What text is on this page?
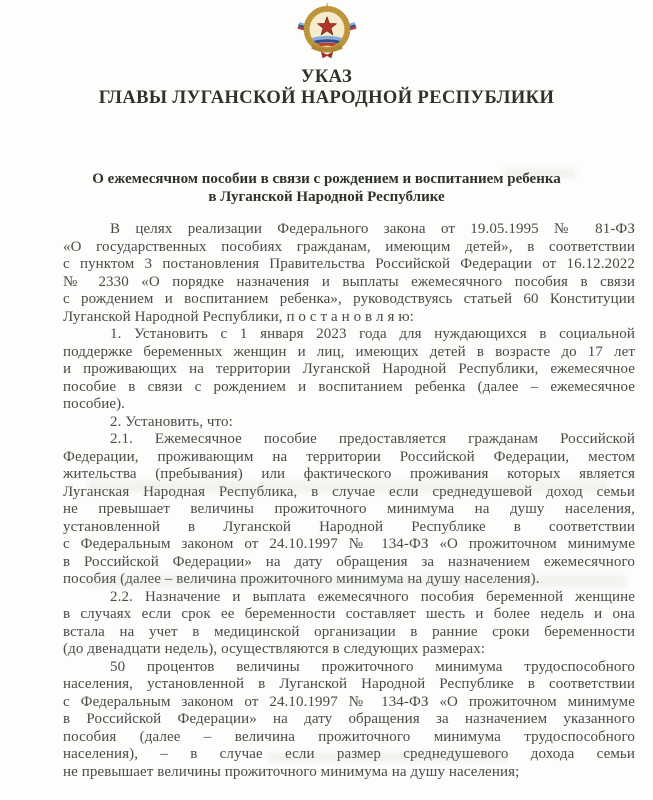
УКАЗ
ГЛАВЫ ЛУГАНСКОЙ НАРОДНОЙ РЕСПУБЛИКИ
О ежемесячном пособии в связи с рождением и воспитанием ребенка
в Луганской Народной Республике
В целях реализации Федерального закона от 19.05.1995 № 81-ФЗ
«О государственных пособиях гражданам, имеющим детей», в соответствии
с пунктом 3 постановления Правительства Российской Федерации от 16.12.2022
№ 2330 «О порядке назначения и выплаты ежемесячного пособия в связи
с рождением и воспитанием ребенка», руководствуясь статьей 60 Конституции
Луганской Народной Республики, п о с т а н о в л я ю:
1. Установить с 1 января 2023 года для нуждающихся в социальной
поддержке беременных женщин и лиц, имеющих детей в возрасте до 17 лет
и проживающих на территории Луганской Народной Республики, ежемесячное
пособие в связи с рождением и воспитанием ребенка (далее – ежемесячное
пособие).
2. Установить, что:
2.1. Ежемесячное пособие предоставляется гражданам Российской
Федерации, проживающим на территории Российской Федерации, местом
жительства (пребывания) или фактического проживания которых является
Луганская Народная Республика, в случае если среднедушевой доход семьи
не превышает величины прожиточного минимума на душу населения,
установленной в Луганской Народной Республике в соответствии
с Федеральным законом от 24.10.1997 № 134-ФЗ «О прожиточном минимуме
в Российской Федерации» на дату обращения за назначением ежемесячного
пособия (далее – величина прожиточного минимума на душу населения).
2.2. Назначение и выплата ежемесячного пособия беременной женщине
в случаях если срок ее беременности составляет шесть и более недель и она
встала на учет в медицинской организации в ранние сроки беременности
(до двенадцати недель), осуществляются в следующих размерах:
50 процентов величины прожиточного минимума трудоспособного
населения, установленной в Луганской Народной Республике в соответствии
с Федеральным законом от 24.10.1997 № 134-ФЗ «О прожиточном минимуме
в Российской Федерации» на дату обращения за назначением указанного
пособия (далее – величина прожиточного минимума трудоспособного
населения), – в случае если размер среднедушевого дохода семьи
не превышает величины прожиточного минимума на душу населения;
